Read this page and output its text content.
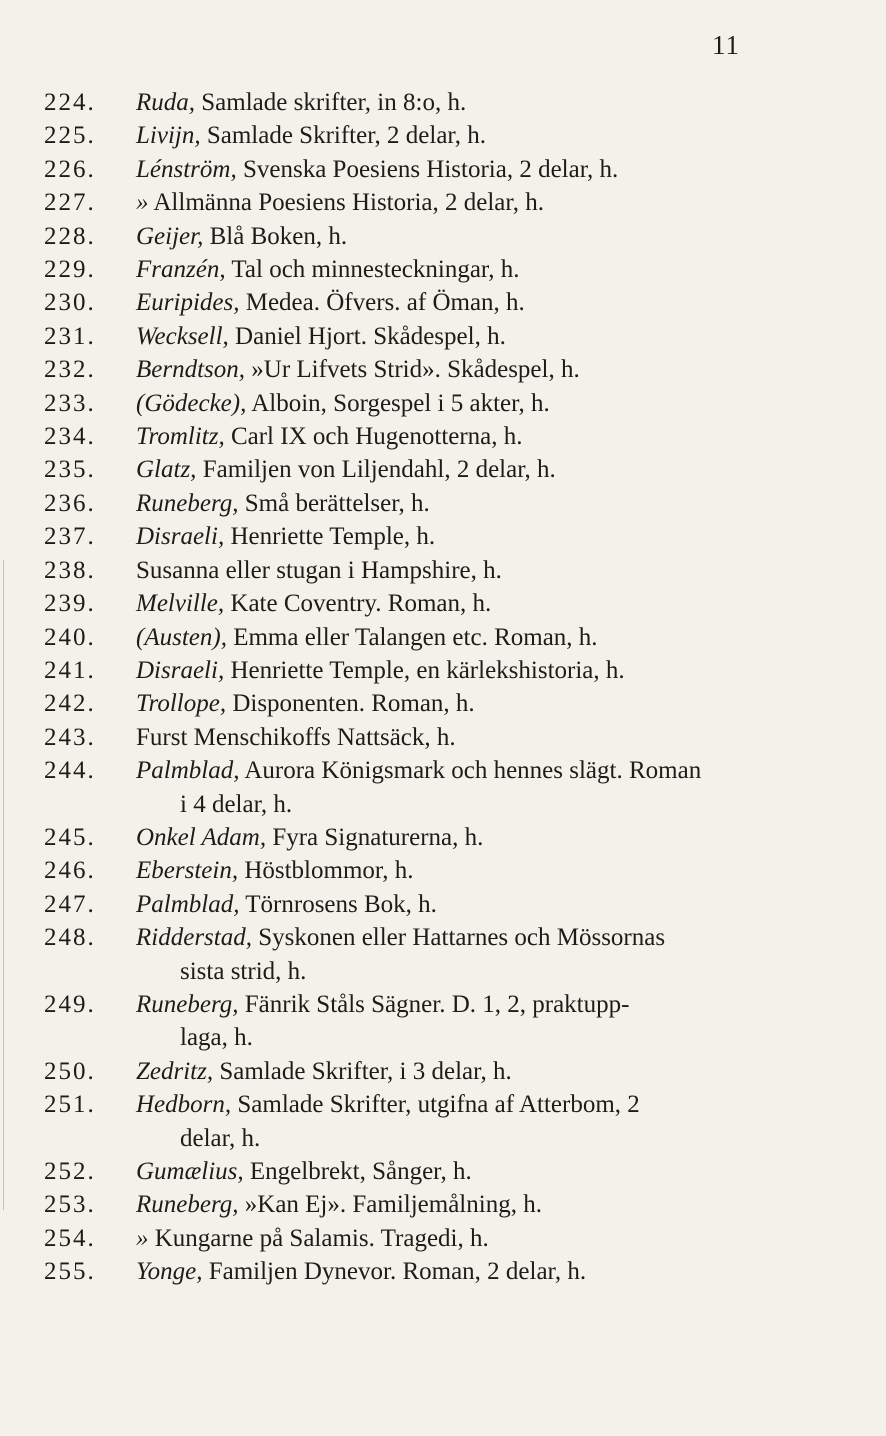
11
224.	Ruda, Samlade skrifter, in 8:o, h.
225.	Livijn, Samlade Skrifter, 2 delar, h.
226.	Lénström, Svenska Poesiens Historia, 2 delar, h.
227.	» Allmänna Poesiens Historia, 2 delar, h.
228.	Geijer, Blå Boken, h.
229.	Franzén, Tal och minnesteckningar, h.
230.	Euripides, Medea. Öfvers. af Öman, h.
231.	Wecksell, Daniel Hjort. Skådespel, h.
232.	Berndtson, »Ur Lifvets Strid». Skådespel, h.
233.	(Gödecke), Alboin, Sorgespel i 5 akter, h.
234.	Tromlitz, Carl IX och Hugenotterna, h.
235.	Glatz, Familjen von Liljendahl, 2 delar, h.
236.	Runeberg, Små berättelser, h.
237.	Disraeli, Henriette Temple, h.
238.	Susanna eller stugan i Hampshire, h.
239.	Melville, Kate Coventry. Roman, h.
240.	(Austen), Emma eller Talangen etc. Roman, h.
241.	Disraeli, Henriette Temple, en kärlekshistoria, h.
242.	Trollope, Disponenten. Roman, h.
243.	Furst Menschikoffs Nattsäck, h.
244.	Palmblad, Aurora Königsmark och hennes slägt. Roman
i 4 delar, h.
245.	Onkel Adam, Fyra Signaturerna, h.
246.	Eberstein, Höstblommor, h.
247.	Palmblad, Törnrosens Bok, h.
248.	Ridderstad, Syskonen eller Hattarnes och Mössornas
sista strid, h.
249.	Runeberg, Fänrik Ståls Sägner. D. 1, 2, praktupp-
laga, h.
250.	Zedritz, Samlade Skrifter, i 3 delar, h.
251.	Hedborn, Samlade Skrifter, utgifna af Atterbom, 2
delar, h.
252.	Gumælius, Engelbrekt, Sånger, h.
253.	Runeberg, »Kan Ej». Familjemålning, h.
254.	» Kungarne på Salamis. Tragedi, h.
255.	Yonge, Familjen Dynevor. Roman, 2 delar, h.
